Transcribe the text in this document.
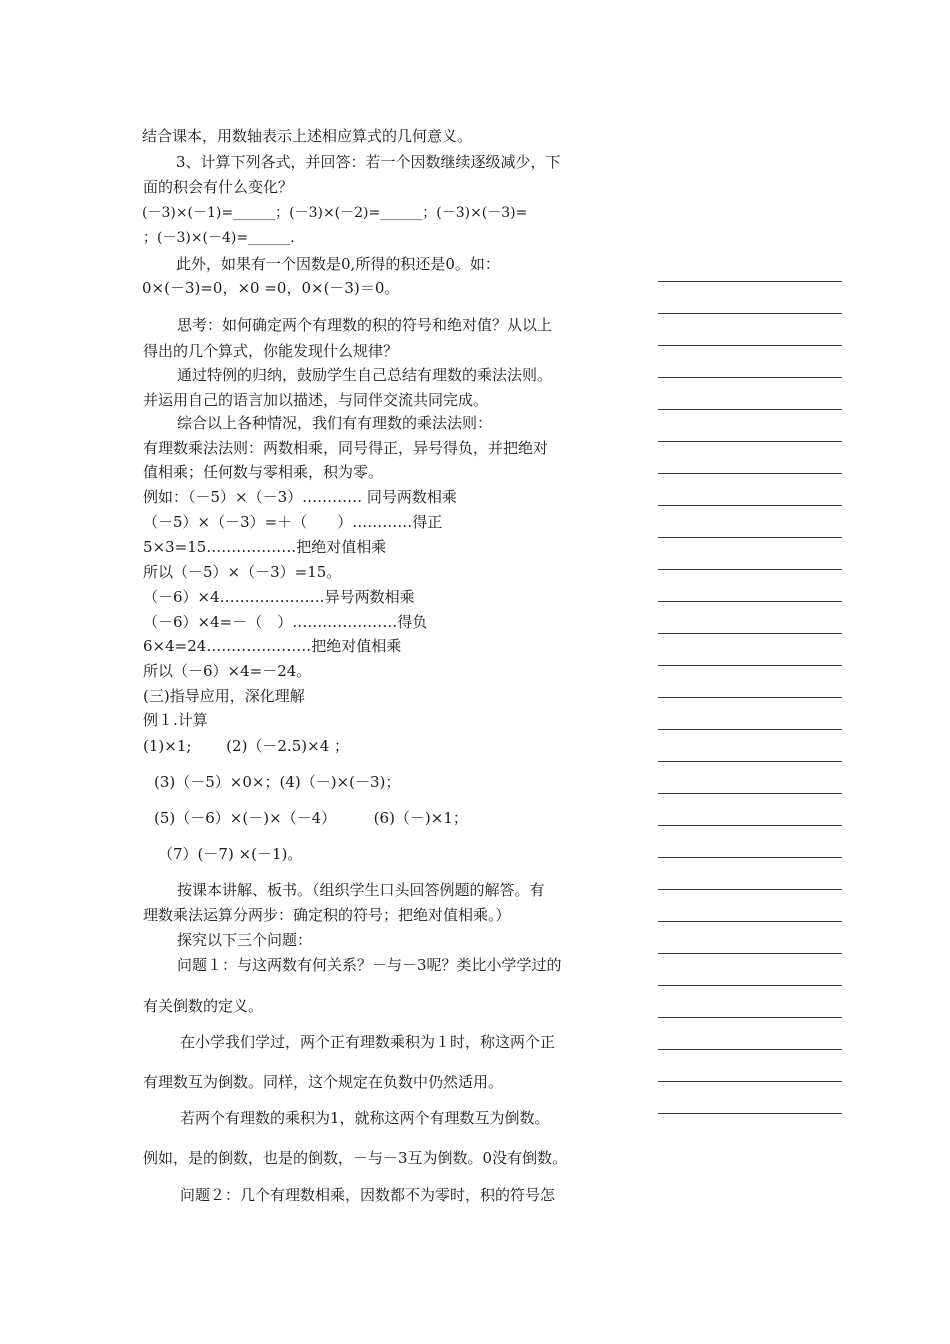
结合课本，用数轴表示上述相应算式的几何意义。
3、计算下列各式，并回答：若一个因数继续逐级减少，下
面的积会有什么变化？
(－3)×(－1)=______；(－3)×(－2)=______；(－3)×(－3)=
；(－3)×(－4)=______.
此外，如果有一个因数是0,所得的积还是0。如：
0×(－3)=0，×0 =0，0×(－3)＝0。
思考：如何确定两个有理数的积的符号和绝对值？从以上
得出的几个算式，你能发现什么规律？
通过特例的归纳，鼓励学生自己总结有理数的乘法法则。
并运用自己的语言加以描述，与同伴交流共同完成。
综合以上各种情况，我们有有理数的乘法法则：
有理数乘法法则：两数相乘，同号得正，异号得负，并把绝对
值相乘；任何数与零相乘，积为零。
例如：（－5）×（－3）………… 同号两数相乘
（－5）×（－3）=＋（　　）…………得正
5×3=15………………把绝对值相乘
所以（－5）×（－3）=15。
（－6）×4…………………异号两数相乘
（－6）×4=－（　）…………………得负
6×4=24…………………把绝对值相乘
所以（－6）×4=－24。
(三)指导应用，深化理解
例１.计算
(1)×1;　　 (2)（－2.5)×4 ；
(3)（－5）×0×；(4)（－)×(－3)；
(5)（－6）×(－)×（－4）　　　(6)（－)×1；
（7）(－7) ×(－1)。
按课本讲解、板书。（组织学生口头回答例题的解答。有
理数乘法运算分两步：确定积的符号；把绝对值相乘。）
探究以下三个问题：
问题１：与这两数有何关系？－与－3呢？类比小学学过的
有关倒数的定义。
在小学我们学过，两个正有理数乘积为１时，称这两个正
有理数互为倒数。同样，这个规定在负数中仍然适用。
若两个有理数的乘积为1，就称这两个有理数互为倒数。
例如，是的倒数，也是的倒数，－与－3互为倒数。0没有倒数。
问题２：几个有理数相乘，因数都不为零时，积的符号怎
